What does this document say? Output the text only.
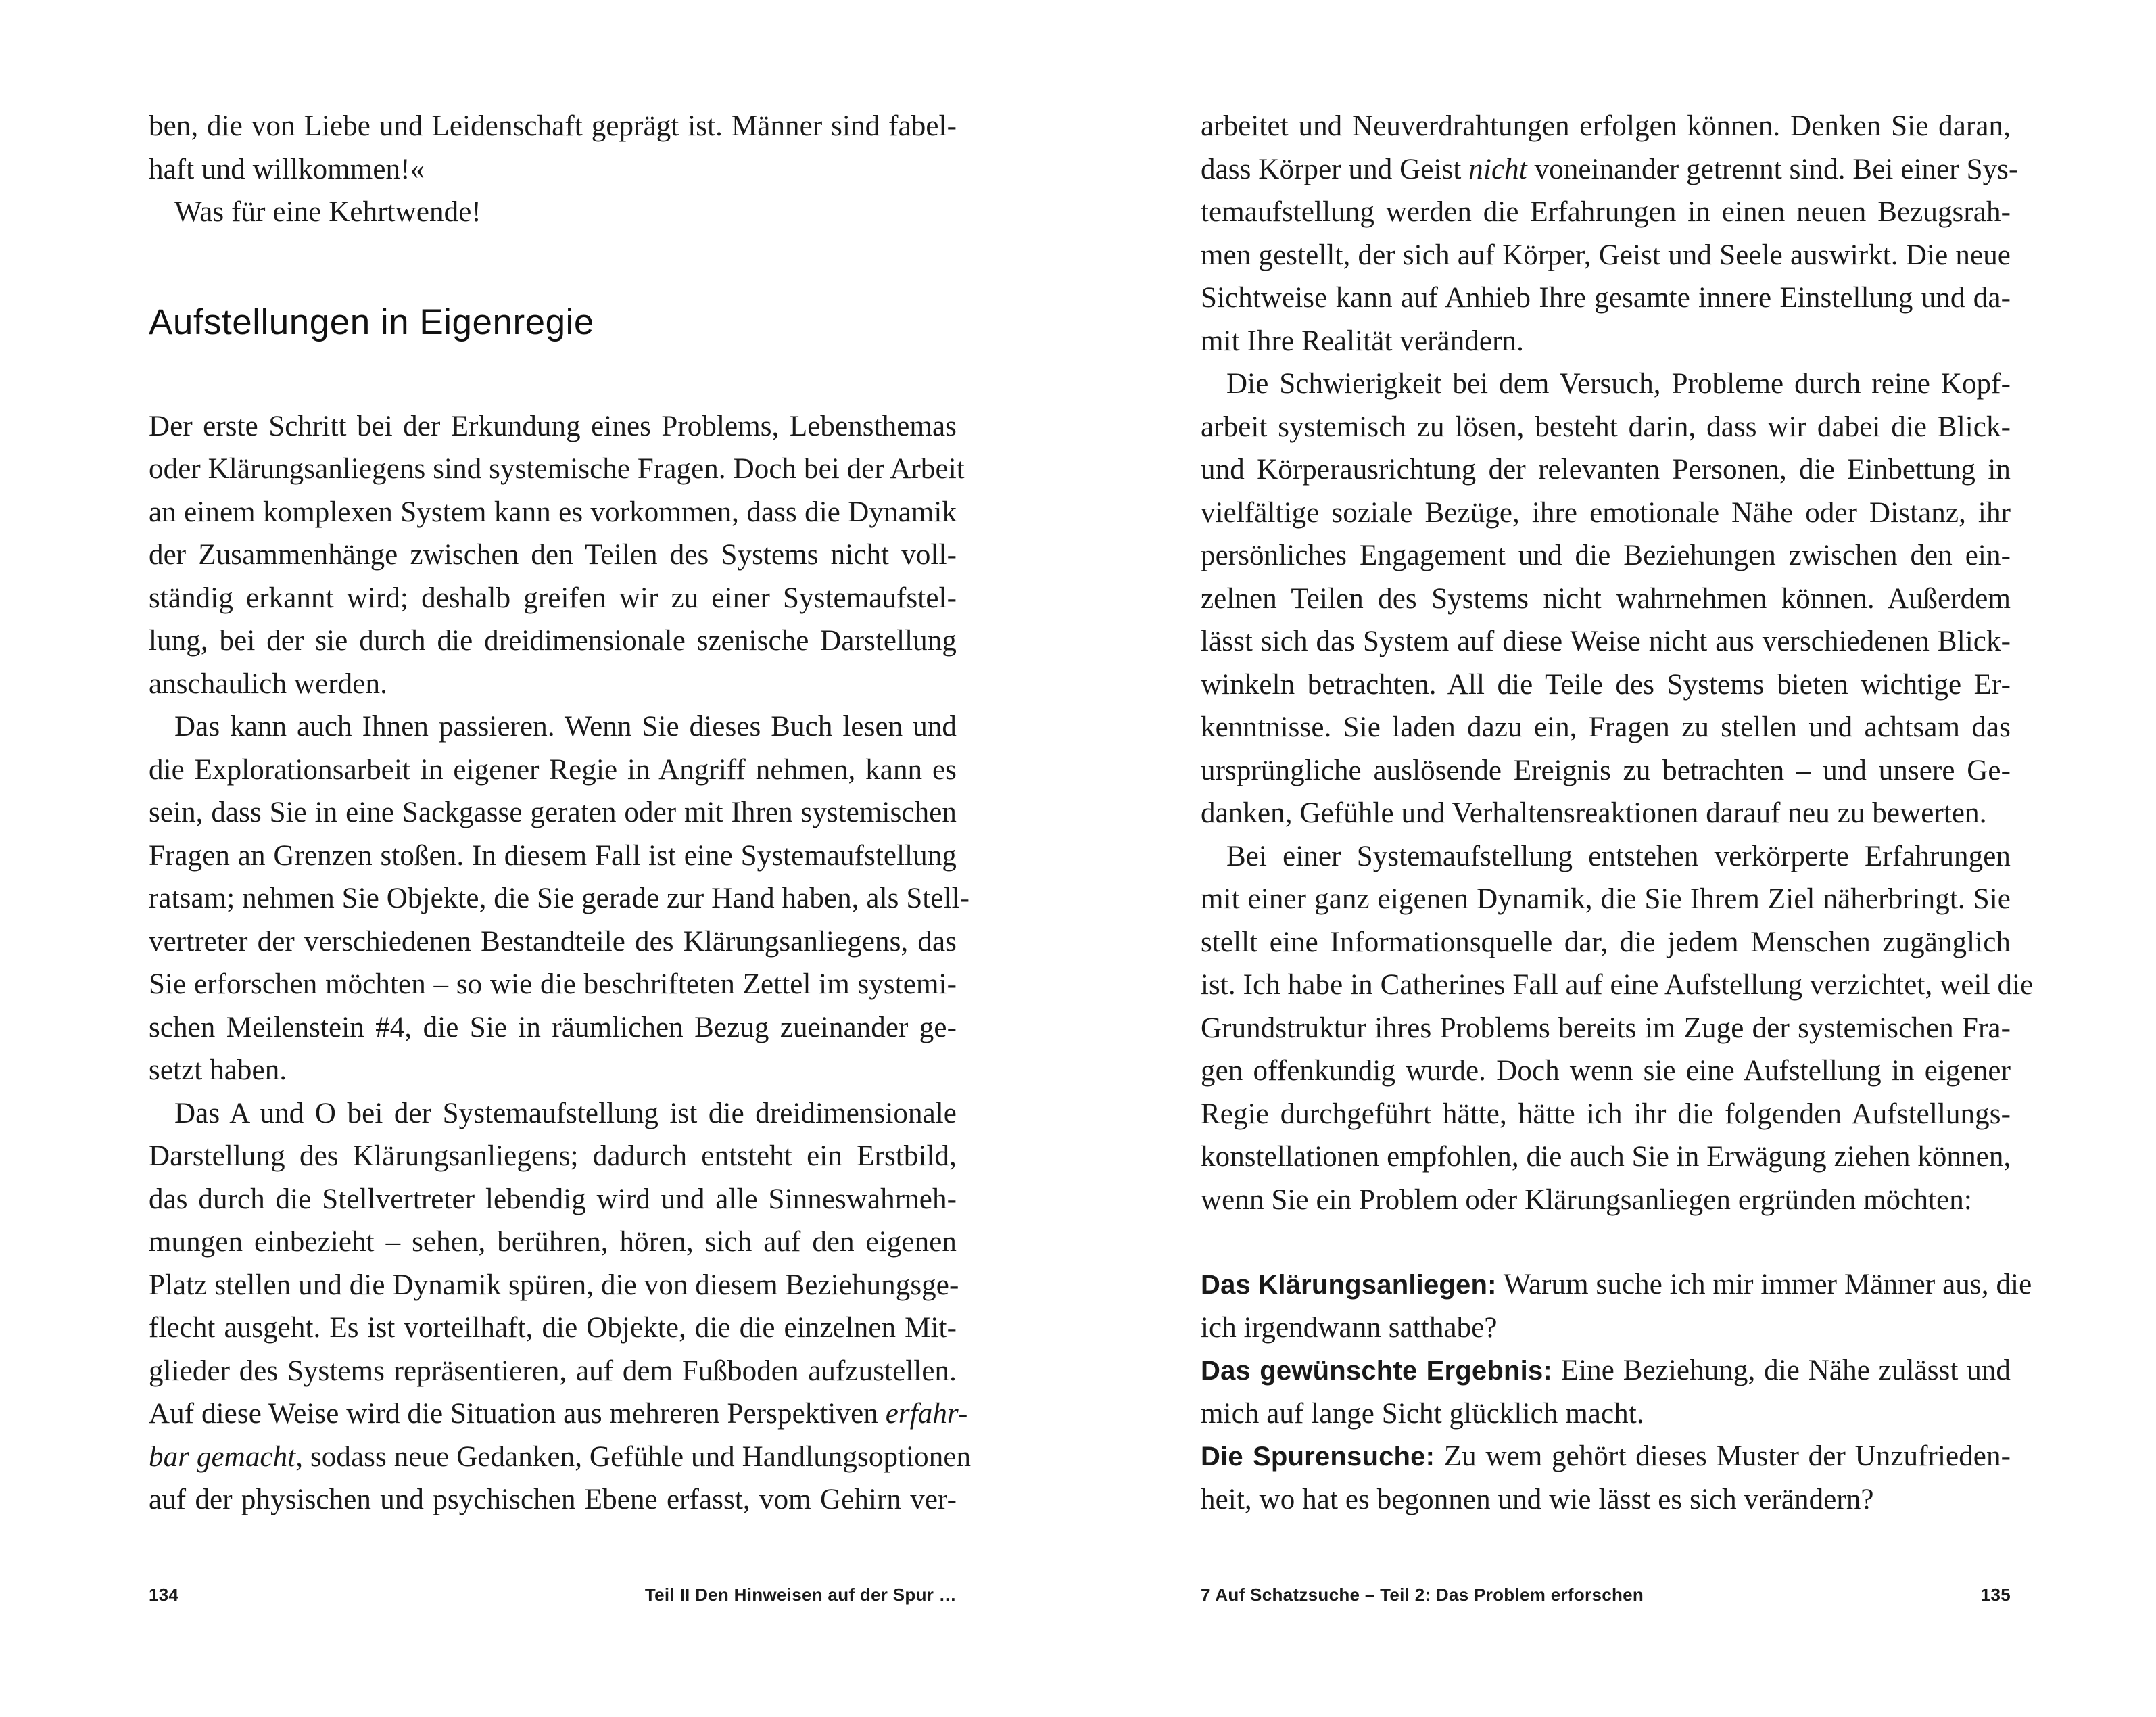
ben, die von Liebe und Leidenschaft geprägt ist. Männer sind fabel-
haft und willkommen!«
Was für eine Kehrtwende!
Aufstellungen in Eigenregie
Der erste Schritt bei der Erkundung eines Problems, Lebensthemas
oder Klärungsanliegens sind systemische Fragen. Doch bei der Arbeit
an einem komplexen System kann es vorkommen, dass die Dynamik
der Zusammenhänge zwischen den Teilen des Systems nicht voll-
ständig erkannt wird; deshalb greifen wir zu einer Systemaufstel-
lung, bei der sie durch die dreidimensionale szenische Darstellung
anschaulich werden.
Das kann auch Ihnen passieren. Wenn Sie dieses Buch lesen und
die Explorationsarbeit in eigener Regie in Angriff nehmen, kann es
sein, dass Sie in eine Sackgasse geraten oder mit Ihren systemischen
Fragen an Grenzen stoßen. In diesem Fall ist eine Systemaufstellung
ratsam; nehmen Sie Objekte, die Sie gerade zur Hand haben, als Stell-
vertreter der verschiedenen Bestandteile des Klärungsanliegens, das
Sie erforschen möchten – so wie die beschrifteten Zettel im systemi-
schen Meilenstein #4, die Sie in räumlichen Bezug zueinander ge-
setzt haben.
Das A und O bei der Systemaufstellung ist die dreidimensionale
Darstellung des Klärungsanliegens; dadurch entsteht ein Erstbild,
das durch die Stellvertreter lebendig wird und alle Sinneswahrneh-
mungen einbezieht – sehen, berühren, hören, sich auf den eigenen
Platz stellen und die Dynamik spüren, die von diesem Beziehungsge-
flecht ausgeht. Es ist vorteilhaft, die Objekte, die die einzelnen Mit-
glieder des Systems repräsentieren, auf dem Fußboden aufzustellen.
Auf diese Weise wird die Situation aus mehreren Perspektiven erfahr-
bar gemacht, sodass neue Gedanken, Gefühle und Handlungsoptionen
auf der physischen und psychischen Ebene erfasst, vom Gehirn ver-
134	Teil II Den Hinweisen auf der Spur …
arbeitet und Neuverdrahtungen erfolgen können. Denken Sie daran,
dass Körper und Geist nicht voneinander getrennt sind. Bei einer Sys-
temaufstellung werden die Erfahrungen in einen neuen Bezugsrah-
men gestellt, der sich auf Körper, Geist und Seele auswirkt. Die neue
Sichtweise kann auf Anhieb Ihre gesamte innere Einstellung und da-
mit Ihre Realität verändern.
Die Schwierigkeit bei dem Versuch, Probleme durch reine Kopf-
arbeit systemisch zu lösen, besteht darin, dass wir dabei die Blick-
und Körperausrichtung der relevanten Personen, die Einbettung in
vielfältige soziale Bezüge, ihre emotionale Nähe oder Distanz, ihr
persönliches Engagement und die Beziehungen zwischen den ein-
zelnen Teilen des Systems nicht wahrnehmen können. Außerdem
lässt sich das System auf diese Weise nicht aus verschiedenen Blick-
winkeln betrachten. All die Teile des Systems bieten wichtige Er-
kenntnisse. Sie laden dazu ein, Fragen zu stellen und achtsam das
ursprüngliche auslösende Ereignis zu betrachten – und unsere Ge-
danken, Gefühle und Verhaltensreaktionen darauf neu zu bewerten.
Bei einer Systemaufstellung entstehen verkörperte Erfahrungen
mit einer ganz eigenen Dynamik, die Sie Ihrem Ziel näherbringt. Sie
stellt eine Informationsquelle dar, die jedem Menschen zugänglich
ist. Ich habe in Catherines Fall auf eine Aufstellung verzichtet, weil die
Grundstruktur ihres Problems bereits im Zuge der systemischen Fra-
gen offenkundig wurde. Doch wenn sie eine Aufstellung in eigener
Regie durchgeführt hätte, hätte ich ihr die folgenden Aufstellungs-
konstellationen empfohlen, die auch Sie in Erwägung ziehen können,
wenn Sie ein Problem oder Klärungsanliegen ergründen möchten:
Das Klärungsanliegen: Warum suche ich mir immer Männer aus, die
ich irgendwann satthabe?
Das gewünschte Ergebnis: Eine Beziehung, die Nähe zulässt und
mich auf lange Sicht glücklich macht.
Die Spurensuche: Zu wem gehört dieses Muster der Unzufrieden-
heit, wo hat es begonnen und wie lässt es sich verändern?
7 Auf Schatzsuche – Teil 2: Das Problem erforschen	135
